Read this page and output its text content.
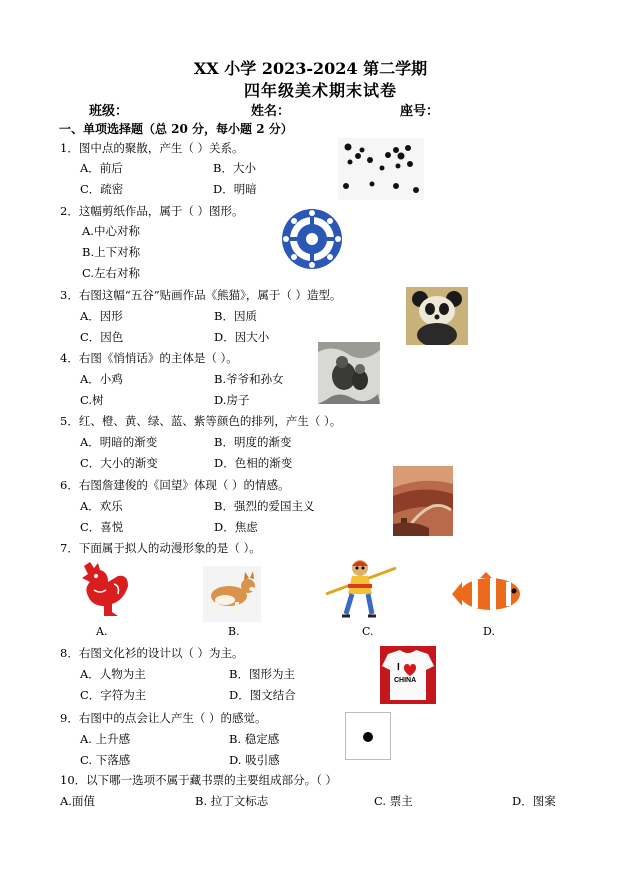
XX 小学 2023-2024 第二学期
四年级美术期末试卷
班级：	姓名：	座号：
一、单项选择题（总 20 分，每小题 2 分）
1．图中点的聚散，产生（ ）关系。
A．前后	B．大小
C．疏密	D．明暗
2．这幅剪纸作品，属于（ ）图形。
A.中心对称
B.上下对称
C.左右对称
3．右图这幅“五谷”贴画作品《熊猫》，属于（ ）造型。
A．因形	B．因质
C．因色	D．因大小
4．右图《悄悄话》的主体是（ ）。
A．小鸡	B.爷爷和孙女
C.树	D.房子
5．红、橙、黄、绿、蓝、紫等颜色的排列，产生（ ）。
A．明暗的渐变	B．明度的渐变
C．大小的渐变	D．色相的渐变
6．右图詹建俊的《回望》体现（ ）的情感。
A．欢乐	B．强烈的爱国主义
C．喜悦	D．焦虑
7．下面属于拟人的动漫形象的是（ ）。
A.	B.	C.	D.
8．右图文化衫的设计以（ ）为主。
A．人物为主	B．图形为主
C．字符为主	D．图文结合
I
CHINA
9．右图中的点会让人产生（ ）的感觉。
A. 上升感	B. 稳定感
C. 下落感	D. 吸引感
10．以下哪一选项不属于藏书票的主要组成部分。（ ）
A.面值	B. 拉丁文标志	C. 票主	D．图案
